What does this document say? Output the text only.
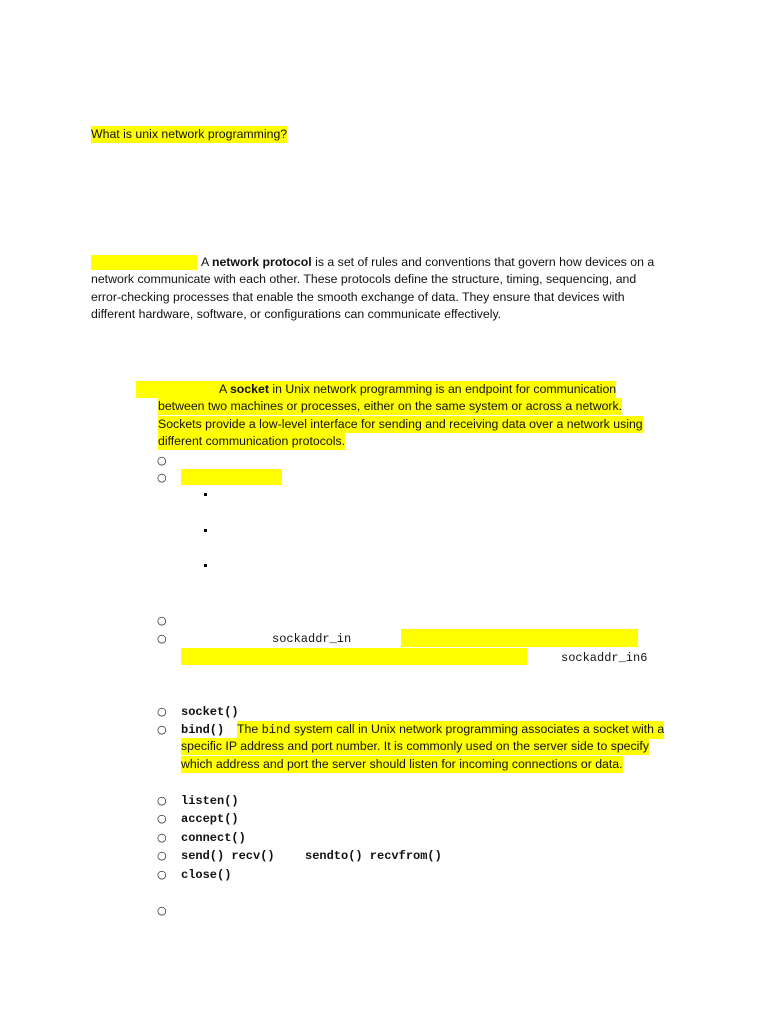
What is unix network programming?
A network protocol is a set of rules and conventions that govern how devices on a
network communicate with each other. These protocols define the structure, timing, sequencing, and
error-checking processes that enable the smooth exchange of data. They ensure that devices with
different hardware, software, or configurations can communicate effectively.
A socket in Unix network programming is an endpoint for communication
between two machines or processes, either on the same system or across a network.
Sockets provide a low-level interface for sending and receiving data over a network using
different communication protocols.
○
○
○
○	sockaddr_in
sockaddr_in6
○ socket()
○ bind() The bind system call in Unix network programming associates a socket with a
specific IP address and port number. It is commonly used on the server side to specify
which address and port the server should listen for incoming connections or data.
○ listen()
○ accept()
○ connect()
○ send() recv()	sendto() recvfrom()
○ close()
○
